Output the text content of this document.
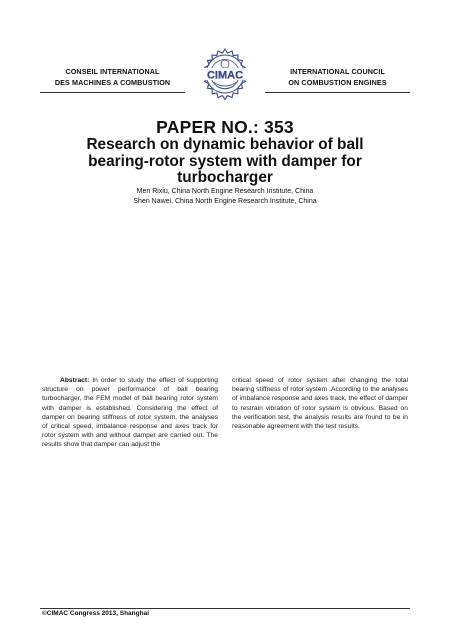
CONSEIL INTERNATIONAL
DES MACHINES A COMBUSTION
CIMAC	INTERNATIONAL COUNCIL
ON COMBUSTION ENGINES
PAPER NO.: 353
Research on dynamic behavior of ball
bearing-rotor system with damper for
turbocharger
Men Rixiu, China North Engine Research Institute, China
Shen Nawei, China North Engine Research Institute, China

Abstract: In order to study the effect of supporting structure on power performance of ball bearing turbocharger, the FEM model of ball bearing rotor system with damper is established. Considering the effect of damper on bearing stiffness of rotor system, the analyses of critical speed, imbalance response and axes track for rotor system with and without damper are carried out. The results show that damper can adjust the

critical speed of rotor system after changing the total bearing stiffness of rotor system .According to the analyses of imbalance response and axes track, the effect of damper to restrain vibration of rotor system is obvious. Based on the verification test, the analysis results are found to be in reasonable agreement with the test results.

©CIMAC Congress 2013, Shanghai
